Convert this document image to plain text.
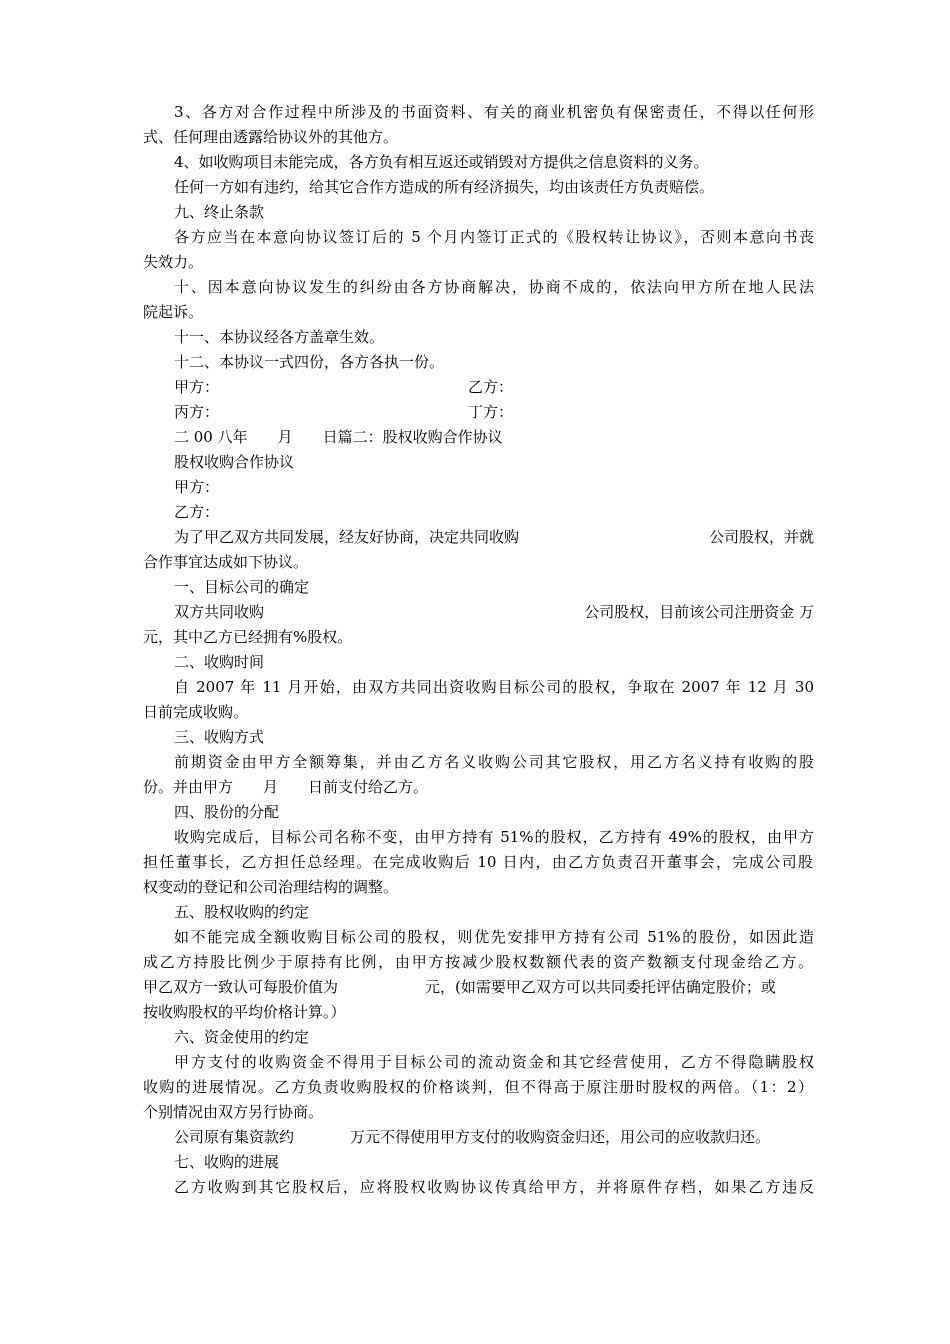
3、各方对合作过程中所涉及的书面资料、有关的商业机密负有保密责任，不得以任何形
式、任何理由透露给协议外的其他方。
4、如收购项目未能完成，各方负有相互返还或销毁对方提供之信息资料的义务。
任何一方如有违约，给其它合作方造成的所有经济损失，均由该责任方负责赔偿。
九、终止条款
各方应当在本意向协议签订后的 5 个月内签订正式的《股权转让协议》，否则本意向书丧
失效力。
十、因本意向协议发生的纠纷由各方协商解决，协商不成的，依法向甲方所在地人民法
院起诉。
十一、本协议经各方盖章生效。
十二、本协议一式四份，各方各执一份。
甲方：	乙方：
丙方：	丁方：
二 00 八年　　月　　日篇二：股权收购合作协议
股权收购合作协议
甲方：
乙方：
为了甲乙双方共同发展，经友好协商，决定共同收购	公司股权，并就
合作事宜达成如下协议。
一、目标公司的确定
双方共同收购	公司股权，目前该公司注册资金 万
元，其中乙方已经拥有%股权。
二、收购时间
自 2007 年 11 月开始，由双方共同出资收购目标公司的股权，争取在 2007 年 12 月 30
日前完成收购。
三、收购方式
前期资金由甲方全额筹集，并由乙方名义收购公司其它股权，用乙方名义持有收购的股
份。并由甲方　　月　　日前支付给乙方。
四、股份的分配
收购完成后，目标公司名称不变，由甲方持有 51%的股权，乙方持有 49%的股权，由甲方
担任董事长，乙方担任总经理。在完成收购后 10 日内，由乙方负责召开董事会，完成公司股
权变动的登记和公司治理结构的调整。
五、股权收购的约定
如不能完成全额收购目标公司的股权，则优先安排甲方持有公司 51%的股份，如因此造
成乙方持股比例少于原持有比例，由甲方按减少股权数额代表的资产数额支付现金给乙方。
甲乙双方一致认可每股价值为	元，(如需要甲乙双方可以共同委托评估确定股价；或
按收购股权的平均价格计算。）
六、资金使用的约定
甲方支付的收购资金不得用于目标公司的流动资金和其它经营使用，乙方不得隐瞒股权
收购的进展情况。乙方负责收购股权的价格谈判，但不得高于原注册时股权的两倍。（1：2）
个别情况由双方另行协商。
公司原有集资款约	万元不得使用甲方支付的收购资金归还，用公司的应收款归还。
七、收购的进展
乙方收购到其它股权后，应将股权收购协议传真给甲方，并将原件存档，如果乙方违反
